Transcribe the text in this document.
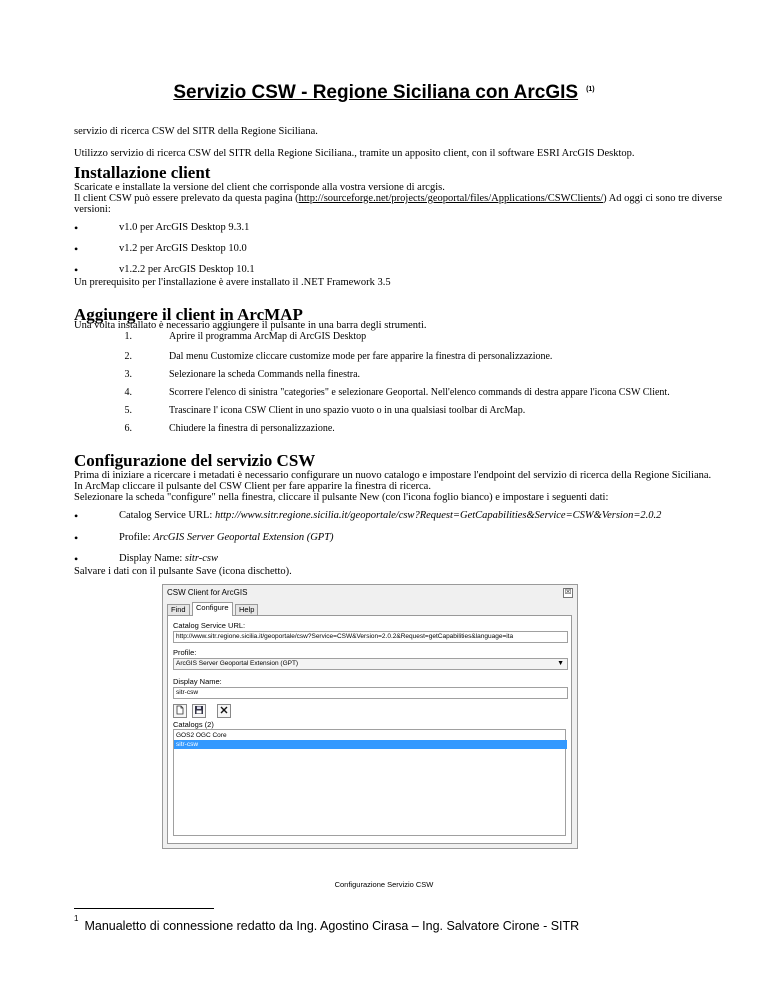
Servizio CSW - Regione Siciliana con ArcGIS $^{(1)}$
servizio di ricerca CSW del SITR della Regione Siciliana.
Utilizzo servizio di ricerca CSW del SITR della Regione Siciliana., tramite un apposito client, con il software ESRI ArcGIS Desktop.
Installazione client
Scaricate e installate la versione del client che corrisponde alla vostra versione di arcgis.
Il client CSW può essere prelevato da questa pagina (http://sourceforge.net/projects/geoportal/files/Applications/CSWClients/) Ad oggi ci sono tre diverse
versioni:
•	v1.0 per ArcGIS Desktop 9.3.1
•	v1.2 per ArcGIS Desktop 10.0
•	v1.2.2 per ArcGIS Desktop 10.1
Un prerequisito per l'installazione è avere installato il .NET Framework 3.5
Aggiungere il client in ArcMAP
Una volta installato è necessario aggiungere il pulsante in una barra degli strumenti.
1.	Aprire il programma ArcMap di ArcGIS Desktop
2.	Dal menu Customize cliccare customize mode per fare apparire la finestra di personalizzazione.
3.	Selezionare la scheda Commands nella finestra.
4.	Scorrere l'elenco di sinistra "categories" e selezionare Geoportal. Nell'elenco commands di destra appare l'icona CSW Client.
5.	Trascinare l' icona CSW Client in uno spazio vuoto o in una qualsiasi toolbar di ArcMap.
6.	Chiudere la finestra di personalizzazione.
Configurazione del servizio CSW
Prima di iniziare a ricercare i metadati è necessario configurare un nuovo catalogo e impostare l'endpoint del servizio di ricerca della Regione Siciliana.
In ArcMap cliccare il pulsante del CSW Client per fare apparire la finestra di ricerca.
Selezionare la scheda "configure" nella finestra, cliccare il pulsante New (con l'icona foglio bianco) e impostare i seguenti dati:
•	Catalog Service URL: http://www.sitr.regione.sicilia.it/geoportale/csw?Request=GetCapabilities&Service=CSW&Version=2.0.2
•	Profile: ArcGIS Server Geoportal Extension (GPT)
•	Display Name: sitr-csw
Salvare i dati con il pulsante Save (icona dischetto).
CSW Client for ArcGIS	☒
Find	Configure	Help
Catalog Service URL:
http://www.sitr.regione.sicilia.it/geoportale/csw?Service=CSW&Version=2.0.2&Request=getCapabilities&language=ita
Profile:
ArcGIS Server Geoportal Extension (GPT)	▼
Display Name:
sitr-csw
Catalogs (2)
GOS2 OGC Core
sitr-csw
Configurazione Servizio CSW
$^1$Manualetto di connessione redatto da Ing. Agostino Cirasa – Ing. Salvatore Cirone - SITR
